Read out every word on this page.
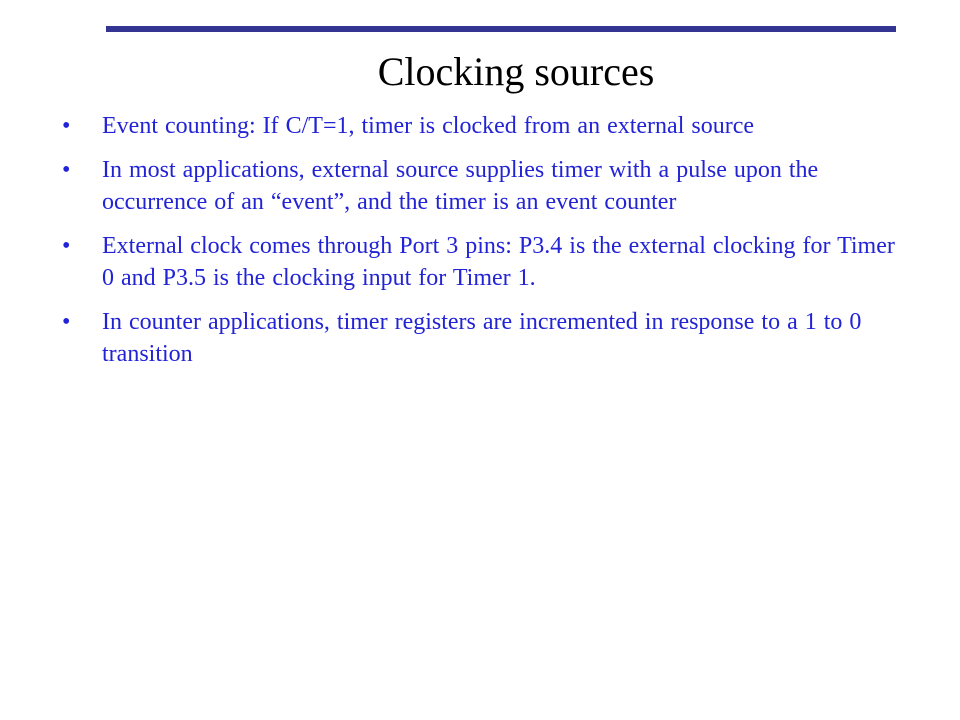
Clocking sources
•	Event counting: If C/T=1, timer is clocked from an external source
•	In most applications, external source supplies timer with a pulse upon the occurrence of an “event”, and the timer is an event counter
•	External clock comes through Port 3 pins: P3.4 is the external clocking for Timer 0 and P3.5 is the clocking input for Timer 1.
•	In counter applications, timer registers are incremented in response to a 1 to 0 transition
